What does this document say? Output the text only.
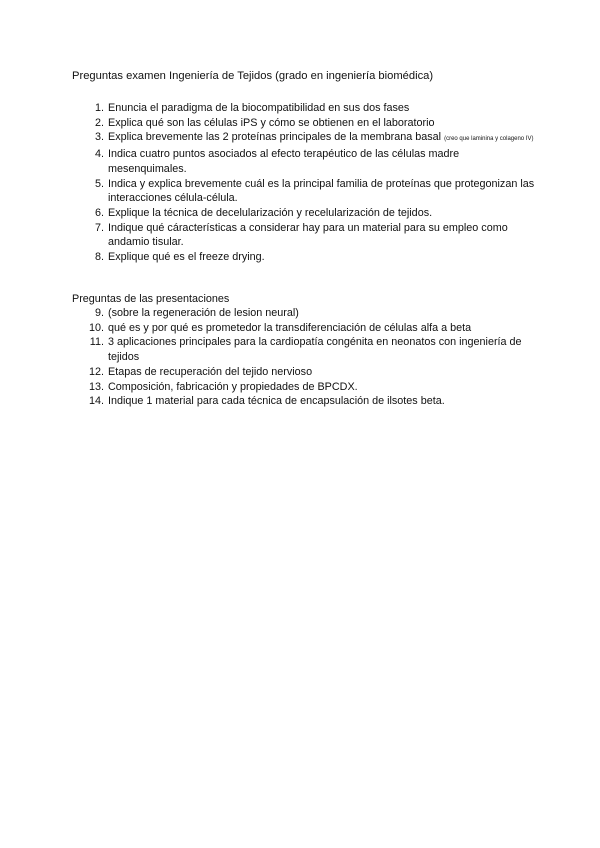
Preguntas examen Ingeniería de Tejidos (grado en ingeniería biomédica)
1. Enuncia el paradigma de la biocompatibilidad en sus dos fases
2. Explica qué son las células iPS y cómo se obtienen en el laboratorio
3. Explica brevemente las 2 proteínas principales de la membrana basal (creo que laminina y colageno IV)
4. Indica cuatro puntos asociados al efecto terapéutico de las células madre mesenquimales.
5. Indica y explica brevemente cuál es la principal familia de proteínas que protegonizan las interacciones célula-célula.
6. Explique la técnica de decelularización y recelularización de tejidos.
7. Indique qué cáracterísticas a considerar hay para un material para su empleo como andamio tisular.
8. Explique qué es el freeze drying.
Preguntas de las presentaciones
9. (sobre la regeneración de lesion neural)
10. qué es y por qué es prometedor la transdiferenciación de células alfa a beta
11. 3 aplicaciones principales para la cardiopatía congénita en neonatos con ingeniería de tejidos
12. Etapas de recuperación del tejido nervioso
13. Composición, fabricación y propiedades de BPCDX.
14. Indique 1 material para cada técnica de encapsulación de ilsotes beta.
